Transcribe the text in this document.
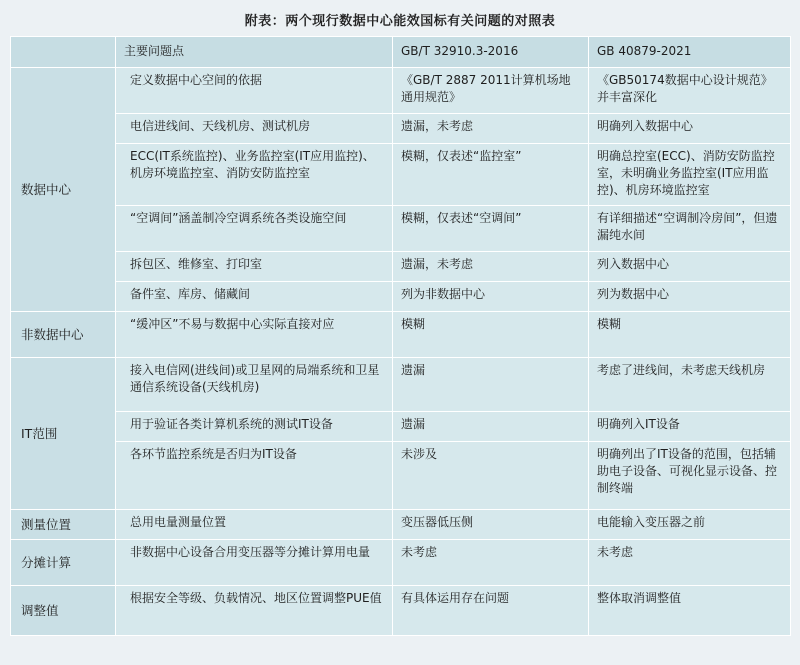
附表：两个现行数据中心能效国标有关问题的对照表
	主要问题点	GB/T 32910.3-2016	GB 40879-2021
数据中心	定义数据中心空间的依据	《GB/T 2887 2011计算机场地通用规范》	《GB50174数据中心设计规范》并丰富深化
	电信进线间、天线机房、测试机房	遗漏，未考虑	明确列入数据中心
	ECC(IT系统监控)、业务监控室(IT应用监控)、机房环境监控室、消防安防监控室	模糊，仅表述“监控室”	明确总控室(ECC)、消防安防监控室，未明确业务监控室(IT应用监控)、机房环境监控室
	“空调间”涵盖制冷空调系统各类设施空间	模糊，仅表述“空调间”	有详细描述“空调制冷房间”，但遗漏纯水间
	拆包区、维修室、打印室	遗漏，未考虑	列入数据中心
	备件室、库房、储藏间	列为非数据中心	列为数据中心
非数据中心	“缓冲区”不易与数据中心实际直接对应	模糊	模糊
IT范围	接入电信网(进线间)或卫星网的局端系统和卫星通信系统设备(天线机房)	遗漏	考虑了进线间，未考虑天线机房
	用于验证各类计算机系统的测试IT设备	遗漏	明确列入IT设备
	各环节监控系统是否归为IT设备	未涉及	明确列出了IT设备的范围，包括辅助电子设备、可视化显示设备、控制终端
测量位置	总用电量测量位置	变压器低压侧	电能输入变压器之前
分摊计算	非数据中心设备合用变压器等分摊计算用电量	未考虑	未考虑
调整值	根据安全等级、负载情况、地区位置调整PUE值	有具体运用存在问题	整体取消调整值
